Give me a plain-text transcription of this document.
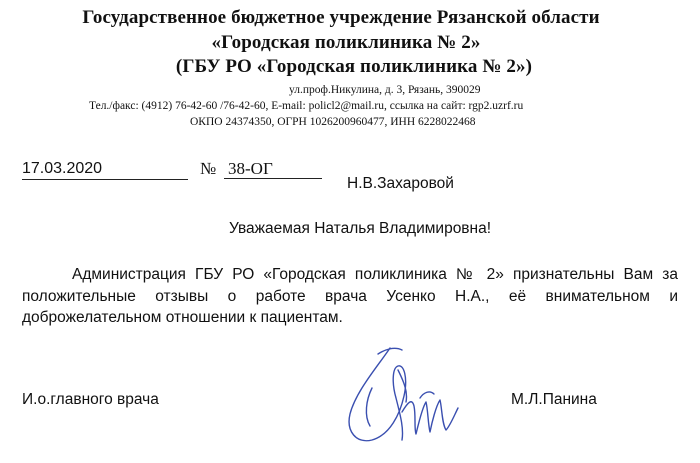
Государственное бюджетное учреждение Рязанской области
«Городская поликлиника № 2»
(ГБУ РО «Городская поликлиника № 2»)
ул.проф.Никулина, д. 3, Рязань, 390029
Тел./факс: (4912) 76-42-60 /76-42-60, E-mail: policl2@mail.ru, ссылка на сайт: rgp2.uzrf.ru
ОКПО 24374350, ОГРН 1026200960477, ИНН 6228022468
17.03.2020	№ 38-ОГ
Н.В.Захаровой
Уважаемая Наталья Владимировна!
Администрация ГБУ РО «Городская поликлиника № 2» признательны Вам за положительные отзывы о работе врача Усенко Н.А., её внимательном и доброжелательном отношении к пациентам.
И.о.главного врача	М.Л.Панина
